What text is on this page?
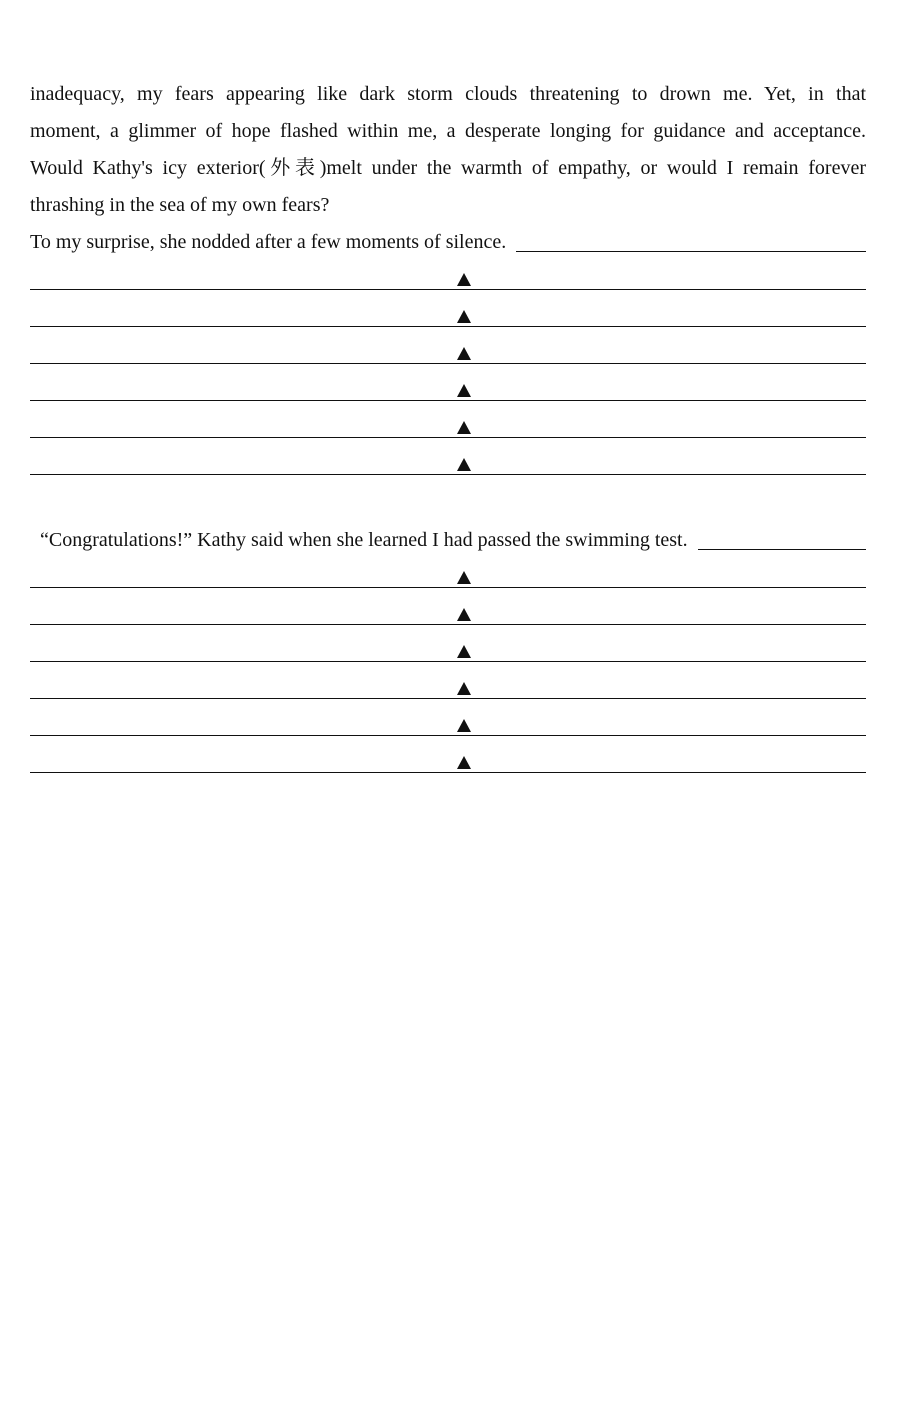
inadequacy, my fears appearing like dark storm clouds threatening to drown me. Yet, in that
moment, a glimmer of hope flashed within me, a desperate longing for guidance and acceptance.
Would Kathy's icy exterior(外表)melt under the warmth of empathy, or would I remain forever
thrashing in the sea of my own fears?
To my surprise, she nodded after a few moments of silence.
“Congratulations!” Kathy said when she learned I had passed the swimming test.
